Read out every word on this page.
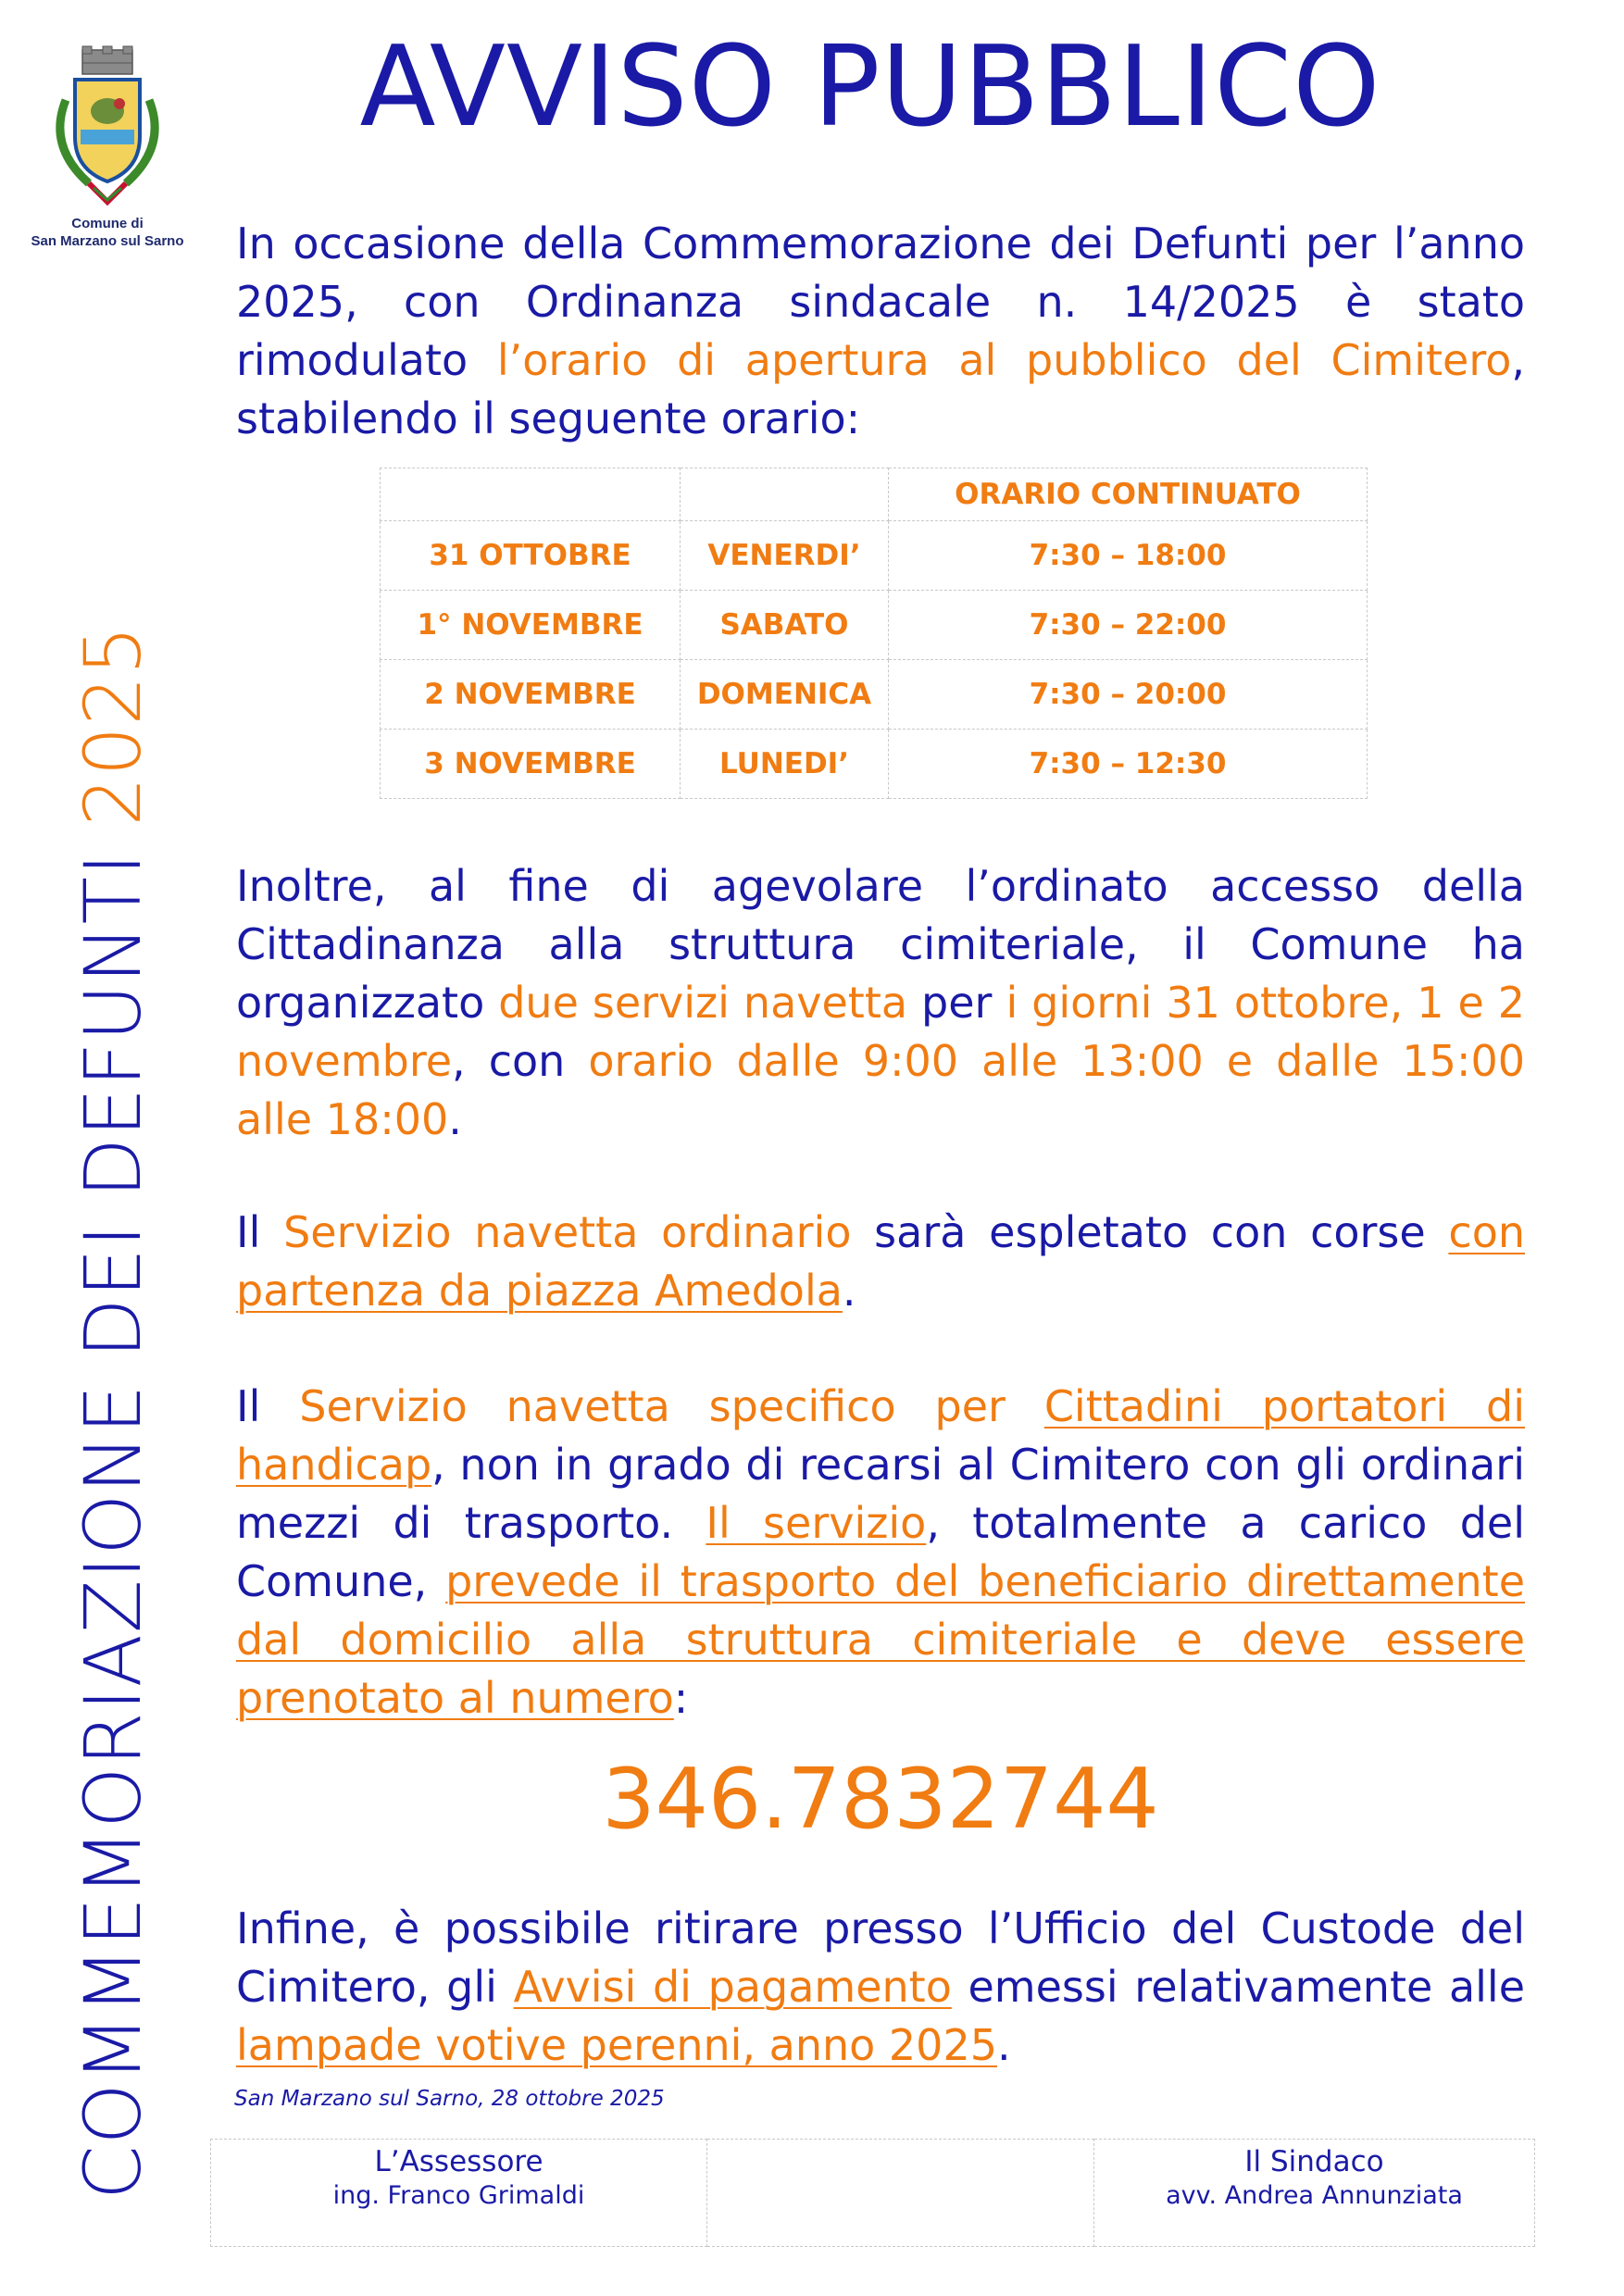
Comune di
San Marzano sul Sarno
COMMEMORIAZIONE DEI DEFUNTI 2025
AVVISO PUBBLICO

In occasione della Commemorazione dei Defunti per l’anno 2025, con Ordinanza sindacale n. 14/2025 è stato rimodulato l’orario di apertura al pubblico del Cimitero, stabilendo il seguente orario:

		ORARIO CONTINUATO
31 OTTOBRE	VENERDI’	7:30 – 18:00
1° NOVEMBRE	SABATO	7:30 – 22:00
2 NOVEMBRE	DOMENICA	7:30 – 20:00
3 NOVEMBRE	LUNEDI’	7:30 – 12:30

Inoltre, al fine di agevolare l’ordinato accesso della Cittadinanza alla struttura cimiteriale, il Comune ha organizzato due servizi navetta per i giorni 31 ottobre, 1 e 2 novembre, con orario dalle 9:00 alle 13:00 e dalle 15:00 alle 18:00.

Il Servizio navetta ordinario sarà espletato con corse con partenza da piazza Amedola.

Il Servizio navetta specifico per Cittadini portatori di handicap, non in grado di recarsi al Cimitero con gli ordinari mezzi di trasporto. Il servizio, totalmente a carico del Comune, prevede il trasporto del beneficiario direttamente dal domicilio alla struttura cimiteriale e deve essere prenotato al numero:

346.7832744

Infine, è possibile ritirare presso l’Ufficio del Custode del Cimitero, gli Avvisi di pagamento emessi relativamente alle lampade votive perenni, anno 2025.

San Marzano sul Sarno, 28 ottobre 2025
L’Assessore
ing. Franco Grimaldi

Il Sindaco
avv. Andrea Annunziata
